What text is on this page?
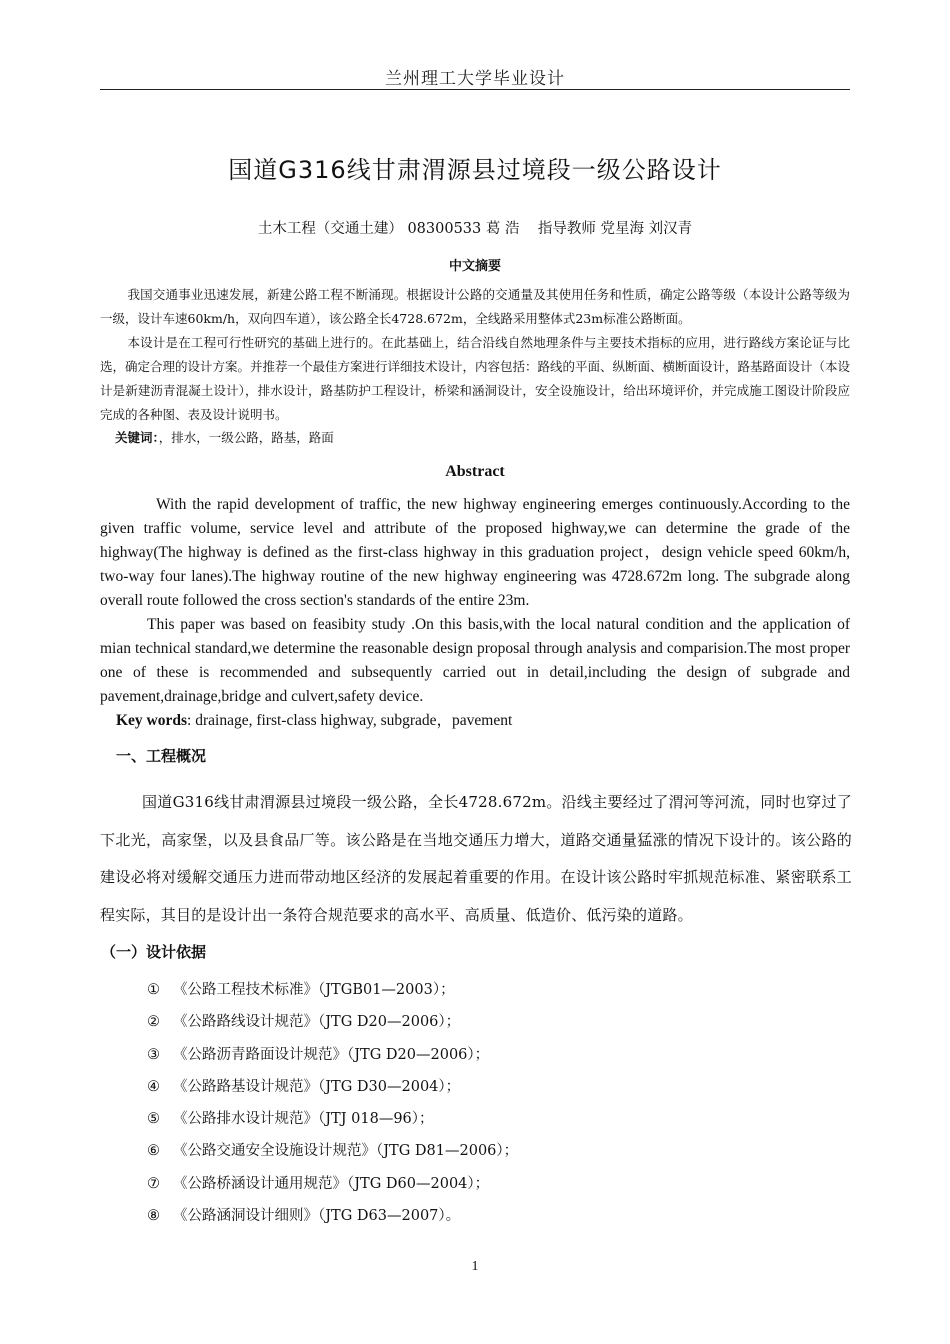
兰州理工大学毕业设计
国道G316线甘肃渭源县过境段一级公路设计
土木工程（交通土建） 08300533 葛 浩    指导教师 党星海 刘汉青
中文摘要
我国交通事业迅速发展，新建公路工程不断涌现。根据设计公路的交通量及其使用任务和性质，确定公路等级（本设计公路等级为一级，设计车速60km/h，双向四车道），该公路全长4728.672m，全线路采用整体式23m标准公路断面。
本设计是在工程可行性研究的基础上进行的。在此基础上，结合沿线自然地理条件与主要技术指标的应用，进行路线方案论证与比选，确定合理的设计方案。并推荐一个最佳方案进行详细技术设计，内容包括：路线的平面、纵断面、横断面设计，路基路面设计（本设计是新建沥青混凝土设计），排水设计，路基防护工程设计，桥梁和涵洞设计，安全设施设计，给出环境评价，并完成施工图设计阶段应完成的各种图、表及设计说明书。
关键词：，排水，一级公路，路基，路面
Abstract
With the rapid development of traffic, the new highway engineering emerges continuously.According to the given traffic volume, service level and attribute of the proposed highway,we can determine the grade of the highway(The highway is defined as the first-class highway in this graduation project，design vehicle speed 60km/h, two-way four lanes).The highway routine of the new highway engineering was 4728.672m long. The subgrade along overall route followed the cross section's standards of the entire 23m.
This paper was based on feasibity study .On this basis,with the local natural condition and the application of mian technical standard,we determine the reasonable design proposal through analysis and comparision.The most proper one of these is recommended and subsequently carried out in detail,including the design of subgrade and pavement,drainage,bridge and culvert,safety device.
Key words: drainage, first-class highway, subgrade，pavement
一、工程概况
国道G316线甘肃渭源县过境段一级公路，全长4728.672m。沿线主要经过了渭河等河流，同时也穿过了下北光，高家堡，以及县食品厂等。该公路是在当地交通压力增大，道路交通量猛涨的情况下设计的。该公路的建设必将对缓解交通压力进而带动地区经济的发展起着重要的作用。在设计该公路时牢抓规范标准、紧密联系工程实际，其目的是设计出一条符合规范要求的高水平、高质量、低造价、低污染的道路。
（一）设计依据
① 《公路工程技术标准》（JTGB01—2003）；
② 《公路路线设计规范》（JTG D20—2006）；
③ 《公路沥青路面设计规范》（JTG D20—2006）；
④ 《公路路基设计规范》（JTG D30—2004）；
⑤ 《公路排水设计规范》（JTJ 018—96）；
⑥ 《公路交通安全设施设计规范》（JTG D81—2006）；
⑦ 《公路桥涵设计通用规范》（JTG D60—2004）；
⑧ 《公路涵洞设计细则》（JTG D63—2007）。
1
